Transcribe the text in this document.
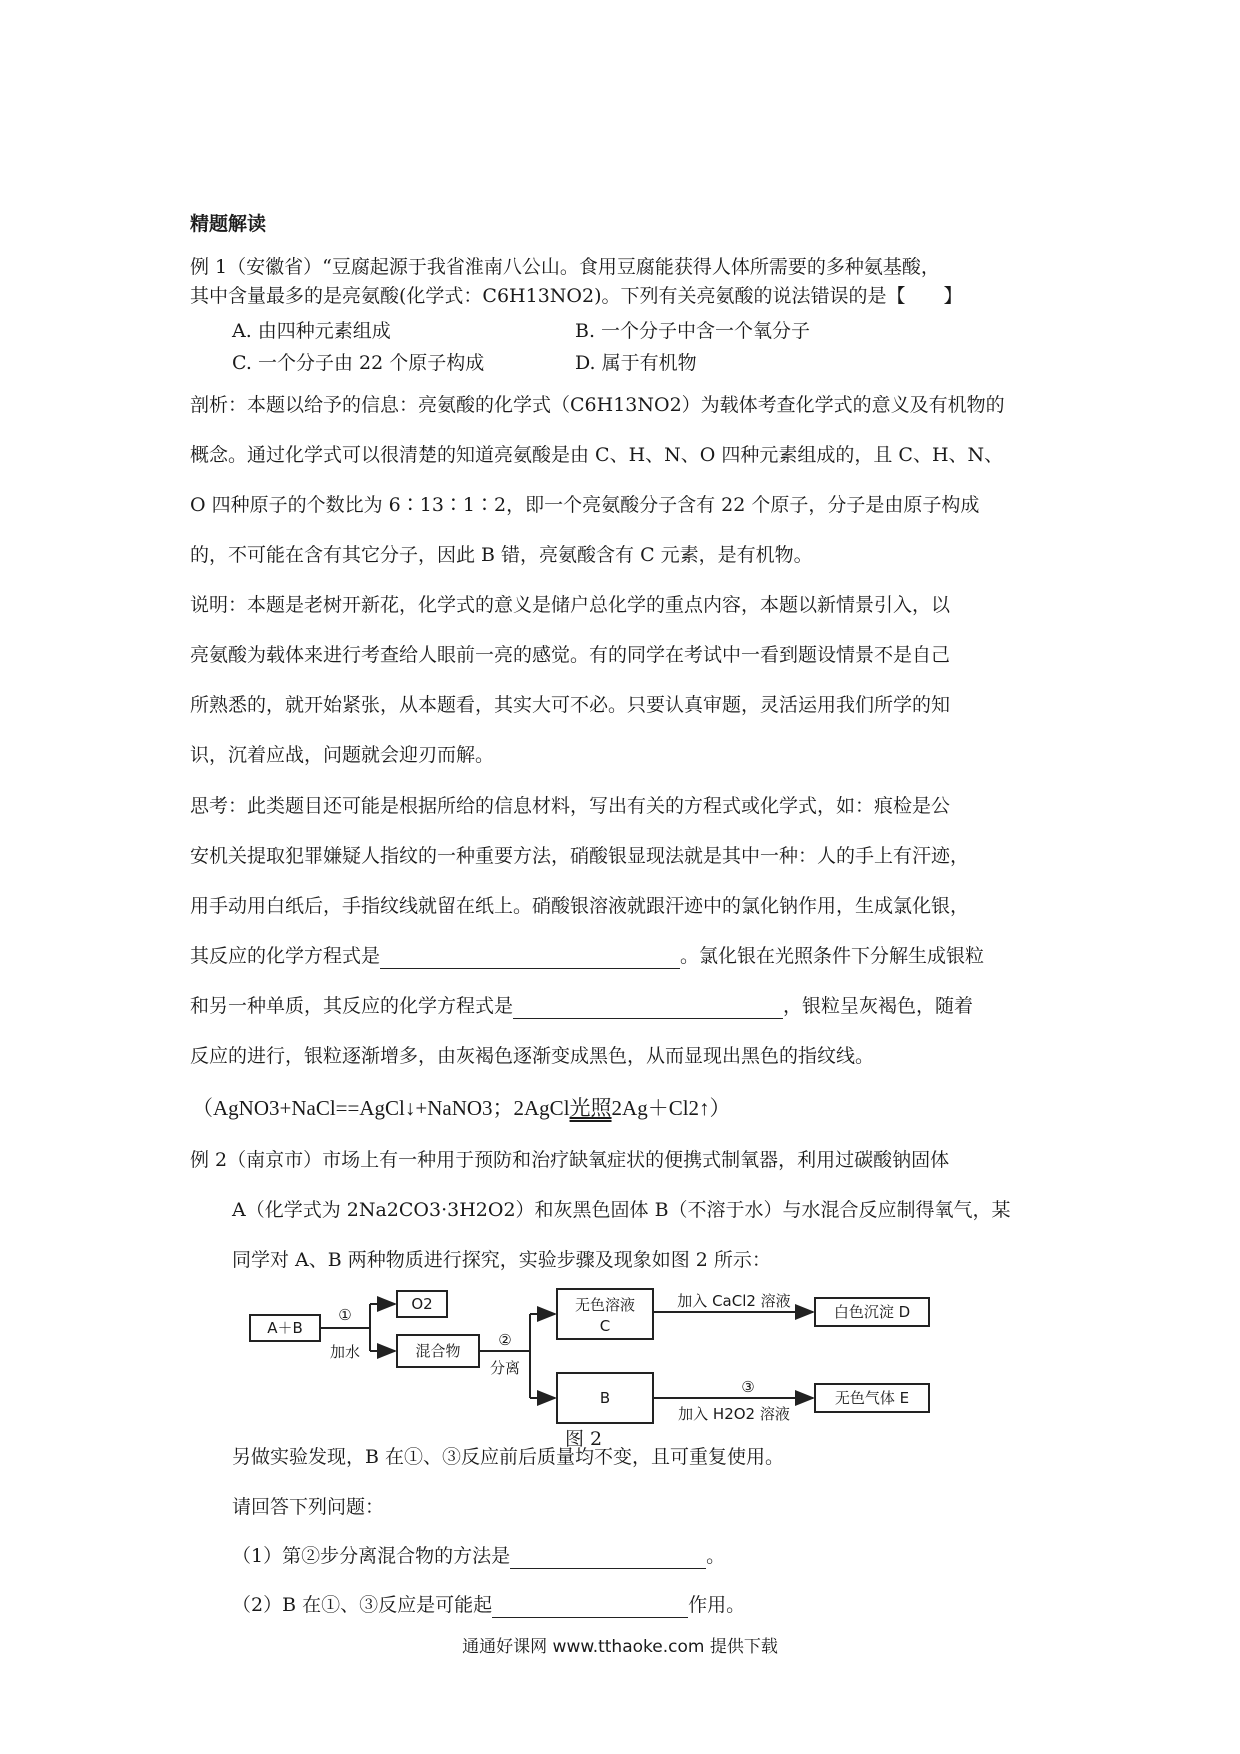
精题解读
例 1（安徽省）“豆腐起源于我省淮南八公山。食用豆腐能获得人体所需要的多种氨基酸，
其中含量最多的是亮氨酸(化学式：C6H13NO2)。下列有关亮氨酸的说法错误的是【　　】
A. 由四种元素组成	B. 一个分子中含一个氧分子
C. 一个分子由 22 个原子构成	D. 属于有机物
剖析：本题以给予的信息：亮氨酸的化学式（C6H13NO2）为载体考查化学式的意义及有机物的
概念。通过化学式可以很清楚的知道亮氨酸是由 C、H、N、O 四种元素组成的，且 C、H、N、
O 四种原子的个数比为 6∶13∶1∶2，即一个亮氨酸分子含有 22 个原子，分子是由原子构成
的，不可能在含有其它分子，因此 B 错，亮氨酸含有 C 元素，是有机物。
说明：本题是老树开新花，化学式的意义是储户总化学的重点内容，本题以新情景引入，以
亮氨酸为载体来进行考查给人眼前一亮的感觉。有的同学在考试中一看到题设情景不是自己
所熟悉的，就开始紧张，从本题看，其实大可不必。只要认真审题，灵活运用我们所学的知
识，沉着应战，问题就会迎刃而解。
思考：此类题目还可能是根据所给的信息材料，写出有关的方程式或化学式，如：痕检是公
安机关提取犯罪嫌疑人指纹的一种重要方法，硝酸银显现法就是其中一种：人的手上有汗迹，
用手动用白纸后，手指纹线就留在纸上。硝酸银溶液就跟汗迹中的氯化钠作用，生成氯化银，
其反应的化学方程式是	。氯化银在光照条件下分解生成银粒
和另一种单质，其反应的化学方程式是	，银粒呈灰褐色，随着
反应的进行，银粒逐渐增多，由灰褐色逐渐变成黑色，从而显现出黑色的指纹线。
（AgNO3+NaCl==AgCl↓+NaNO3；2AgCl光照2Ag＋Cl2↑）
例 2（南京市）市场上有一种用于预防和治疗缺氧症状的便携式制氧器，利用过碳酸钠固体
A（化学式为 2Na2CO3·3H2O2）和灰黑色固体 B（不溶于水）与水混合反应制得氧气，某
同学对 A、B 两种物质进行探究，实验步骤及现象如图 2 所示：
A＋B
①
加水
O2
混合物
②
分离
无色溶液
C
加入 CaCl2 溶液
白色沉淀 D
B
③
加入 H2O2 溶液
无色气体 E
图 2
另做实验发现，B 在①、③反应前后质量均不变，且可重复使用。
请回答下列问题：
（1）第②步分离混合物的方法是	。
（2）B 在①、③反应是可能起	作用。
通通好课网 www.tthaoke.com 提供下载
